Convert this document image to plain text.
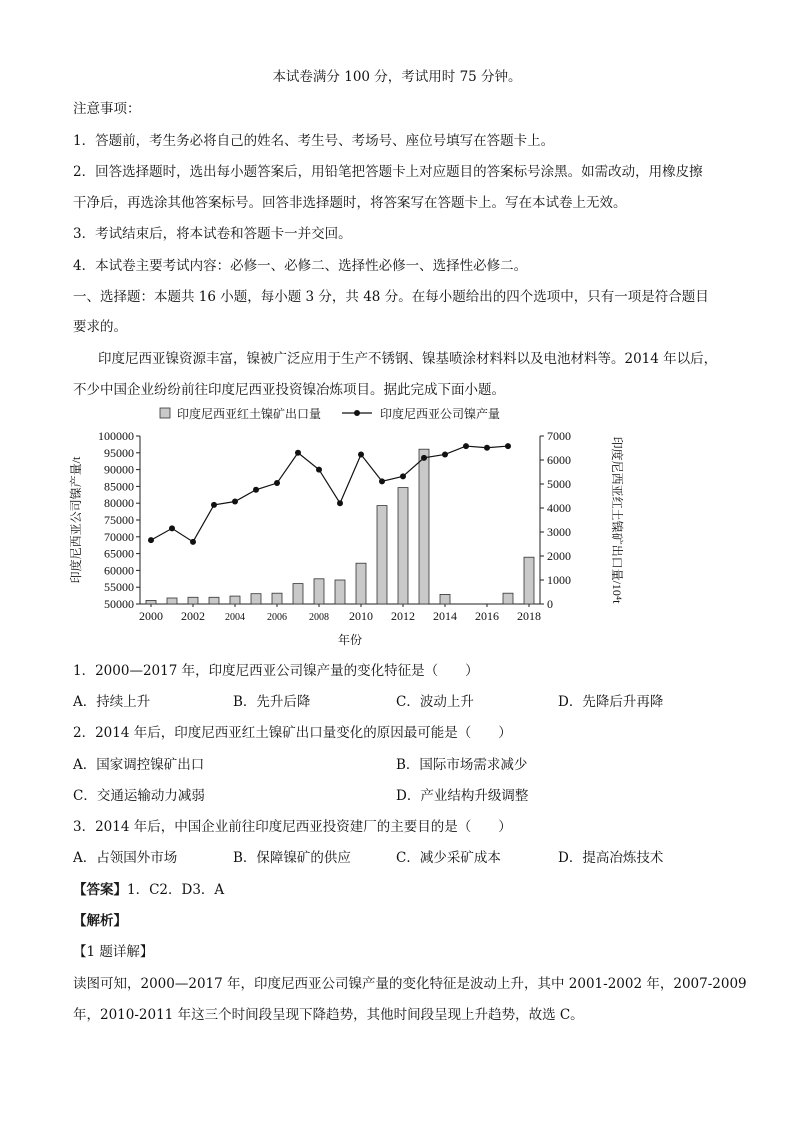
本试卷满分 100 分，考试用时 75 分钟。
注意事项：
1．答题前，考生务必将自己的姓名、考生号、考场号、座位号填写在答题卡上。
2．回答选择题时，选出每小题答案后，用铅笔把答题卡上对应题目的答案标号涂黑。如需改动，用橡皮擦
干净后，再选涂其他答案标号。回答非选择题时，将答案写在答题卡上。写在本试卷上无效。
3．考试结束后，将本试卷和答题卡一并交回。
4．本试卷主要考试内容：必修一、必修二、选择性必修一、选择性必修二。
一、选择题：本题共 16 小题，每小题 3 分，共 48 分。在每小题给出的四个选项中，只有一项是符合题目
要求的。
印度尼西亚镍资源丰富，镍被广泛应用于生产不锈钢、镍基喷涂材料料以及电池材料等。2014 年以后，
不少中国企业纷纷前往印度尼西亚投资镍冶炼项目。据此完成下面小题。
100000
95000
90000
85000
80000
75000
70000
65000
60000
55000
50000
7000
6000
5000
4000
3000
2000
1000
0
2000 2002 2004 2006 2008 2010 2012 2014 2016 2018
印度尼西亚红土镍矿出口量	印度尼西亚公司镍产量
印度尼西亚公司镍产量/t	印度尼西亚红土镍矿出口量/10⁴t
年份
1．2000—2017 年，印度尼西亚公司镍产量的变化特征是（　　）
A．持续上升	B．先升后降	C．波动上升	D．先降后升再降
2．2014 年后，印度尼西亚红土镍矿出口量变化的原因最可能是（　　）
A．国家调控镍矿出口	B．国际市场需求减少
C．交通运输动力减弱	D．产业结构升级调整
3．2014 年后，中国企业前往印度尼西亚投资建厂的主要目的是（　　）
A．占领国外市场	B．保障镍矿的供应	C．减少采矿成本	D．提高冶炼技术
【答案】1．C2．D3．A
【解析】
【1 题详解】
读图可知，2000—2017 年，印度尼西亚公司镍产量的变化特征是波动上升，其中 2001-2002 年，2007-2009
年，2010-2011 年这三个时间段呈现下降趋势，其他时间段呈现上升趋势，故选 C。
